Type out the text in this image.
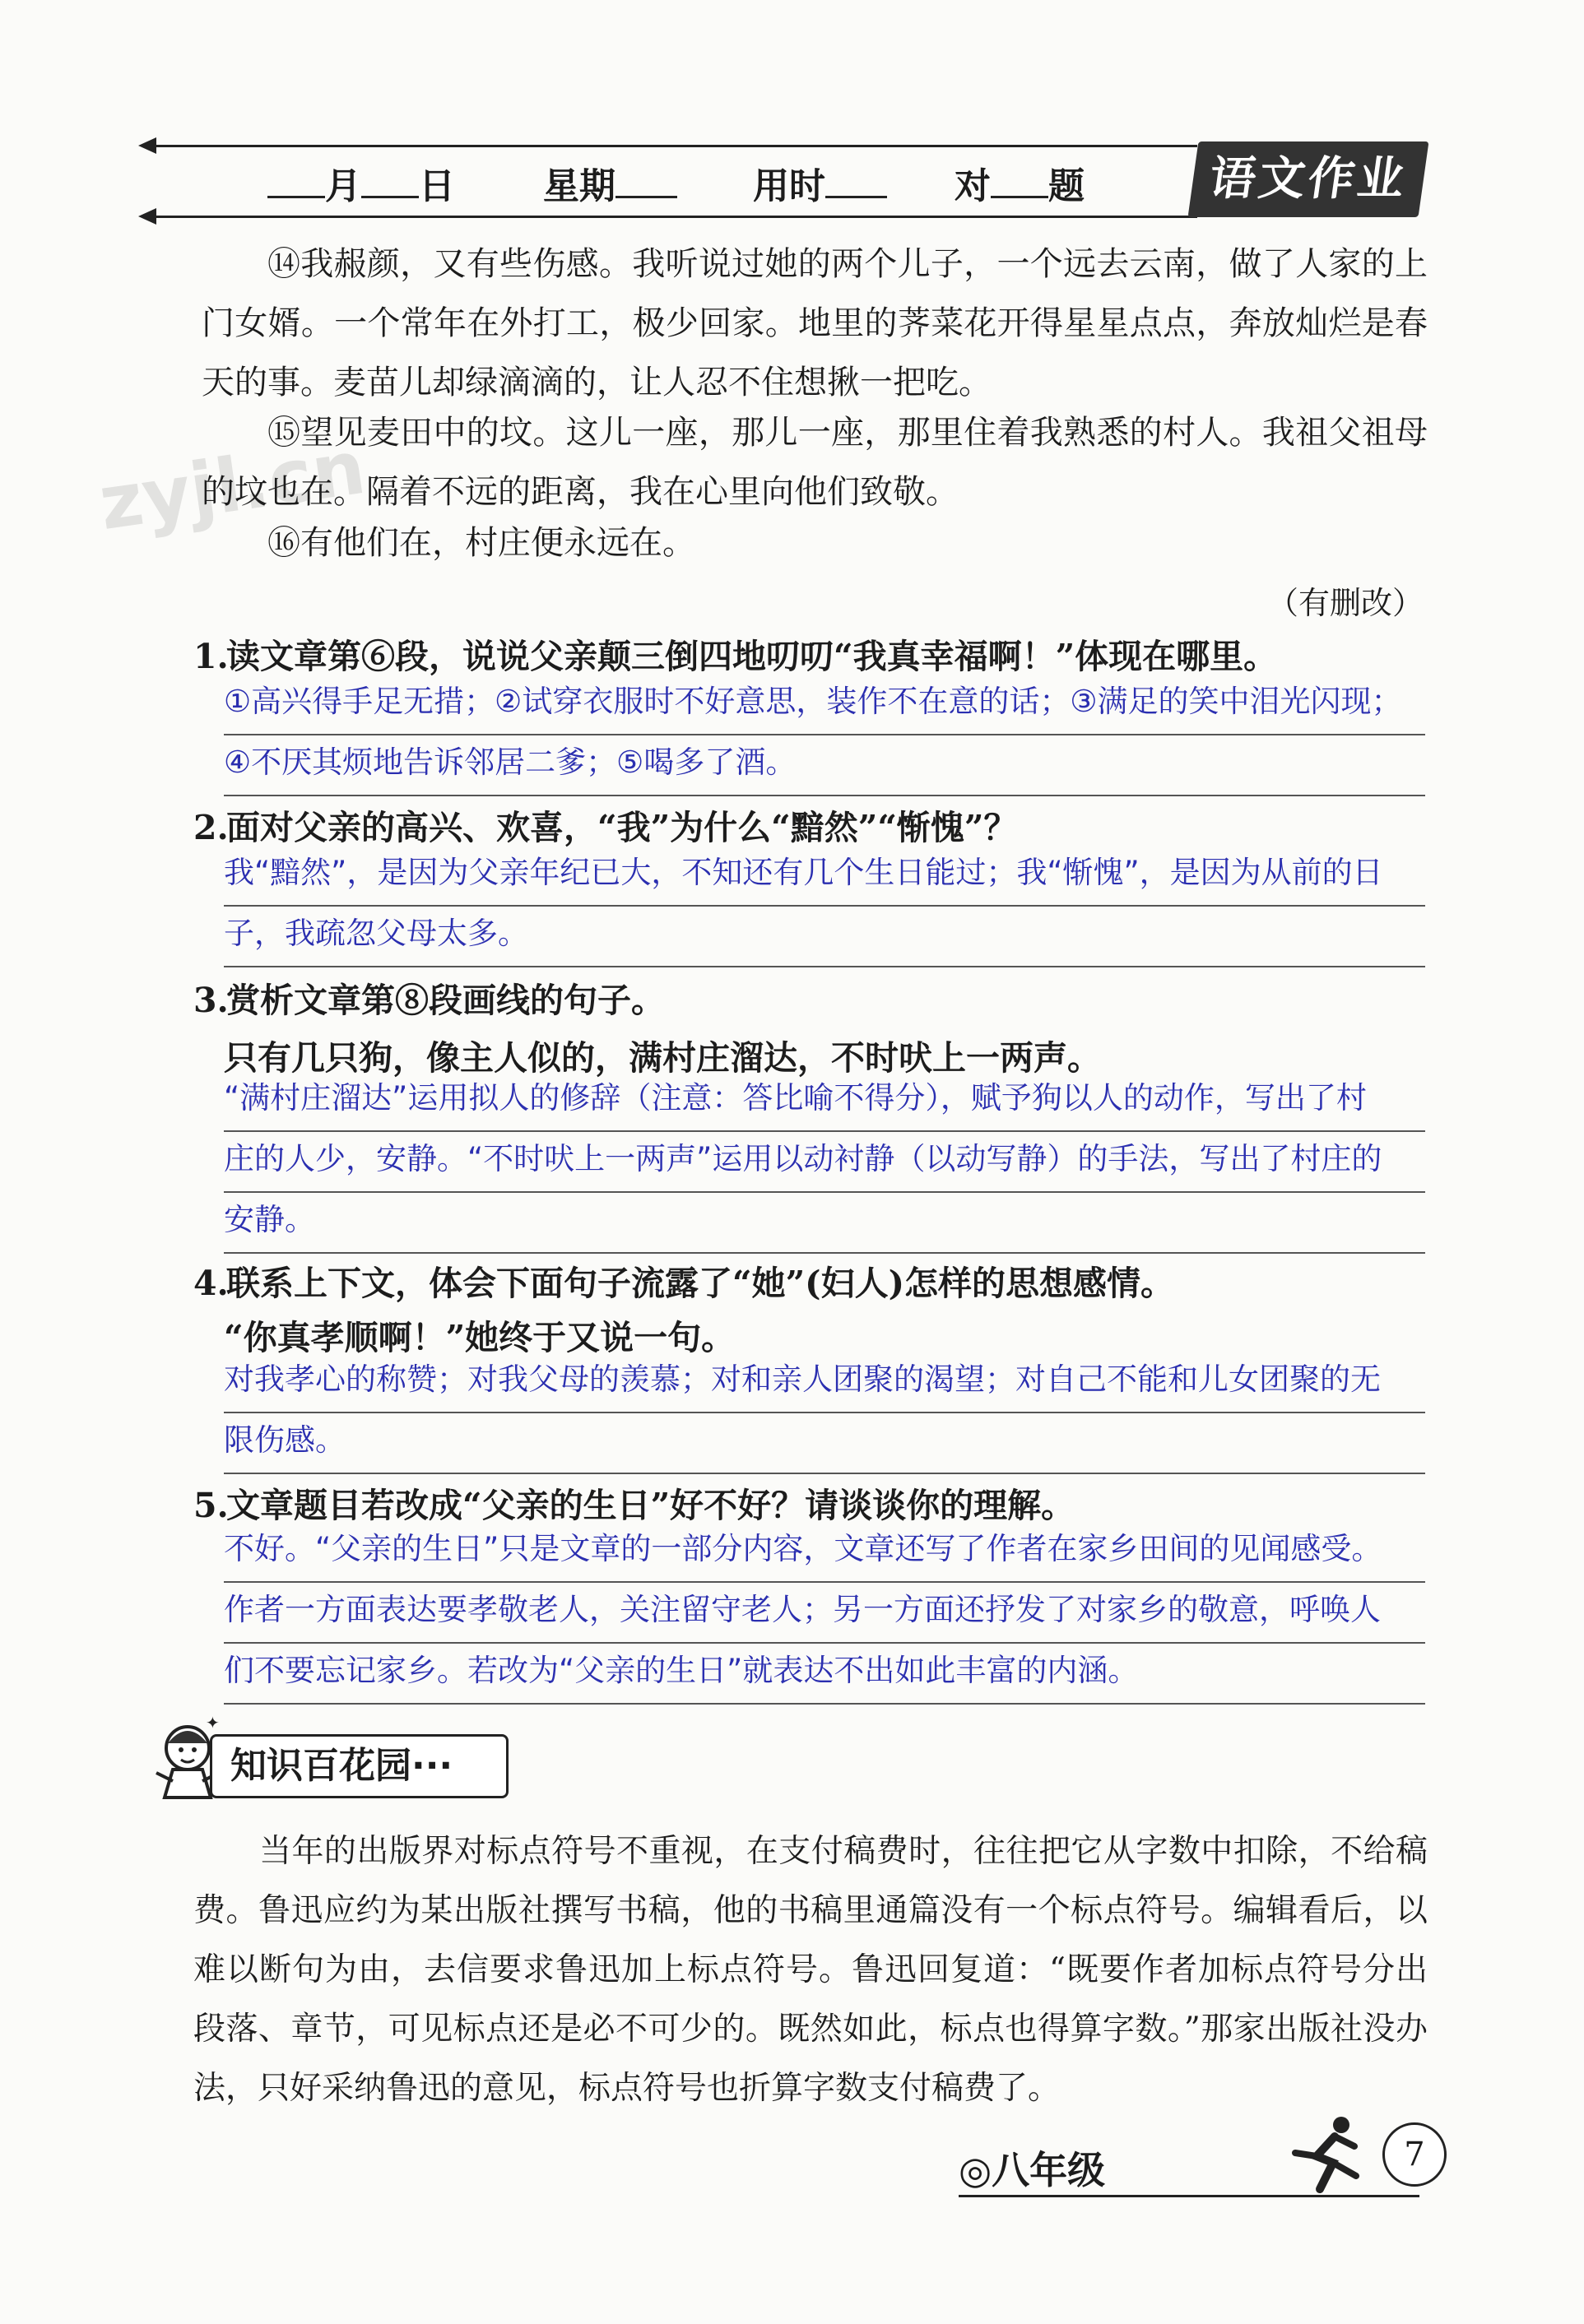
月 日 星期	用时	对 题	语文作业
zyjl.cn
⑭我赧颜，又有些伤感。我听说过她的两个儿子，一个远去云南，做了人家的上门女婿。一个常年在外打工，极少回家。地里的荠菜花开得星星点点，奔放灿烂是春天的事。麦苗儿却绿滴滴的，让人忍不住想揪一把吃。
⑮望见麦田中的坟。这儿一座，那儿一座，那里住着我熟悉的村人。我祖父祖母的坟也在。隔着不远的距离，我在心里向他们致敬。
⑯有他们在，村庄便永远在。
（有删改）
1.读文章第⑥段，说说父亲颠三倒四地叨叨“我真幸福啊！”体现在哪里。
①高兴得手足无措；②试穿衣服时不好意思，装作不在意的话；③满足的笑中泪光闪现；
④不厌其烦地告诉邻居二爹；⑤喝多了酒。
2.面对父亲的高兴、欢喜，“我”为什么“黯然”“惭愧”？
我“黯然”，是因为父亲年纪已大，不知还有几个生日能过；我“惭愧”，是因为从前的日
子，我疏忽父母太多。
3.赏析文章第⑧段画线的句子。
只有几只狗，像主人似的，满村庄溜达，不时吠上一两声。
“满村庄溜达”运用拟人的修辞（注意：答比喻不得分），赋予狗以人的动作，写出了村
庄的人少，安静。“不时吠上一两声”运用以动衬静（以动写静）的手法，写出了村庄的
安静。
4.联系上下文，体会下面句子流露了“她”(妇人)怎样的思想感情。
“你真孝顺啊！”她终于又说一句。
对我孝心的称赞；对我父母的羡慕；对和亲人团聚的渴望；对自己不能和儿女团聚的无
限伤感。
5.文章题目若改成“父亲的生日”好不好？请谈谈你的理解。
不好。“父亲的生日”只是文章的一部分内容，文章还写了作者在家乡田间的见闻感受。
作者一方面表达要孝敬老人，关注留守老人；另一方面还抒发了对家乡的敬意，呼唤人
们不要忘记家乡。若改为“父亲的生日”就表达不出如此丰富的内涵。
✦
知识百花园···
当年的出版界对标点符号不重视，在支付稿费时，往往把它从字数中扣除，不给稿费。鲁迅应约为某出版社撰写书稿，他的书稿里通篇没有一个标点符号。编辑看后，以难以断句为由，去信要求鲁迅加上标点符号。鲁迅回复道：“既要作者加标点符号分出段落、章节，可见标点还是必不可少的。既然如此，标点也得算字数。”那家出版社没办法，只好采纳鲁迅的意见，标点符号也折算字数支付稿费了。
◎八年级	7
